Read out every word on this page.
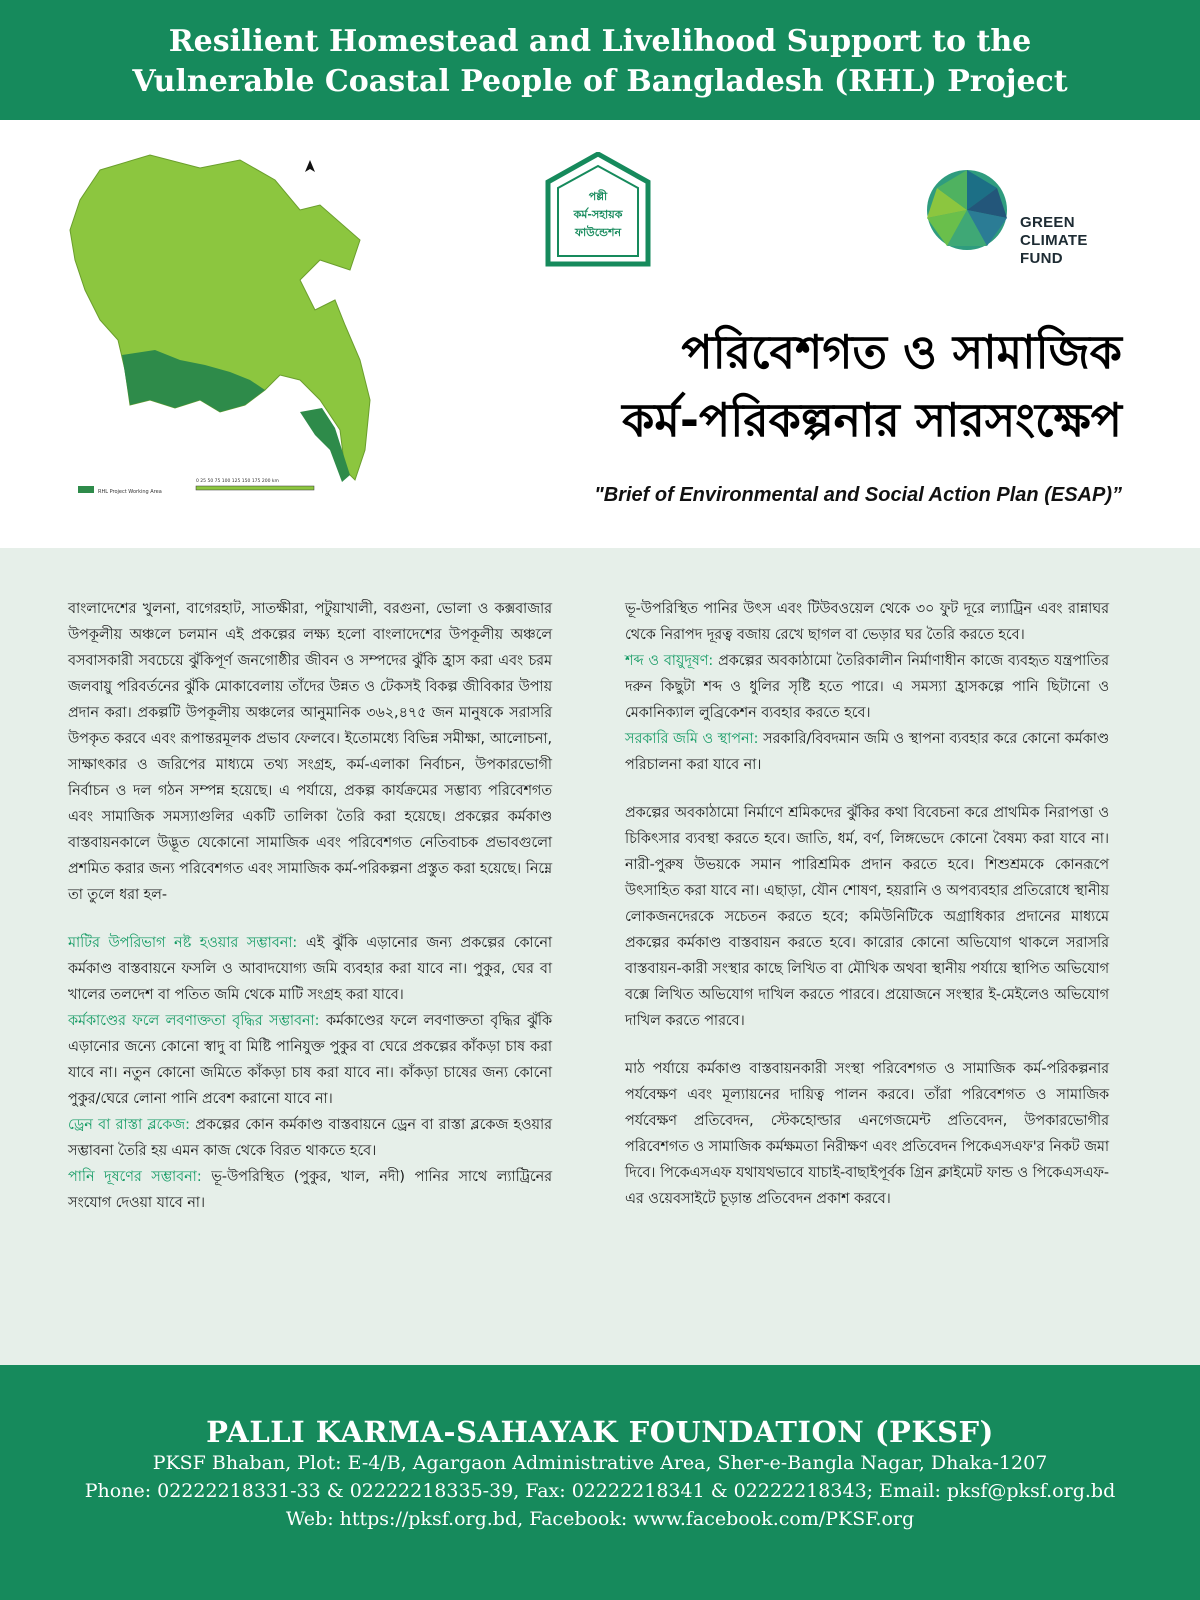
Resilient Homestead and Livelihood Support to the
Vulnerable Coastal People of Bangladesh (RHL) Project
RHL Project Working Area
0 25 50 75 100 125 150 175 200 km
পল্লী
কর্ম-সহায়ক
ফাউন্ডেশন
GREEN
CLIMATE
FUND
পরিবেশগত ও সামাজিক
কর্ম-পরিকল্পনার সারসংক্ষেপ
"Brief of Environmental and Social Action Plan (ESAP)”

বাংলাদেশের খুলনা, বাগেরহাট, সাতক্ষীরা, পটুয়াখালী, বরগুনা, ভোলা ও কক্সবাজার উপকূলীয় অঞ্চলে চলমান এই প্রকল্পের লক্ষ্য হলো বাংলাদেশের উপকূলীয় অঞ্চলে বসবাসকারী সবচেয়ে ঝুঁকিপূর্ণ জনগোষ্ঠীর জীবন ও সম্পদের ঝুঁকি হ্রাস করা এবং চরম জলবায়ু পরিবর্তনের ঝুঁকি মোকাবেলায় তাঁদের উন্নত ও টেকসই বিকল্প জীবিকার উপায় প্রদান করা। প্রকল্পটি উপকূলীয় অঞ্চলের আনুমানিক ৩৬২,৪৭৫ জন মানুষকে সরাসরি উপকৃত করবে এবং রূপান্তরমূলক প্রভাব ফেলবে। ইতোমধ্যে বিভিন্ন সমীক্ষা, আলোচনা, সাক্ষাৎকার ও জরিপের মাধ্যমে তথ্য সংগ্রহ, কর্ম-এলাকা নির্বাচন, উপকারভোগী নির্বাচন ও দল গঠন সম্পন্ন হয়েছে। এ পর্যায়ে, প্রকল্প কার্যক্রমের সম্ভাব্য পরিবেশগত এবং সামাজিক সমস্যাগুলির একটি তালিকা তৈরি করা হয়েছে। প্রকল্পের কর্মকাণ্ড বাস্তবায়নকালে উদ্ভূত যেকোনো সামাজিক এবং পরিবেশগত নেতিবাচক প্রভাবগুলো প্রশমিত করার জন্য পরিবেশগত এবং সামাজিক কর্ম-পরিকল্পনা প্রস্তুত করা হয়েছে। নিম্নে তা তুলে ধরা হল-

মাটির উপরিভাগ নষ্ট হওয়ার সম্ভাবনা: এই ঝুঁকি এড়ানোর জন্য প্রকল্পের কোনো কর্মকাণ্ড বাস্তবায়নে ফসলি ও আবাদযোগ্য জমি ব্যবহার করা যাবে না। পুকুর, ঘের বা খালের তলদেশ বা পতিত জমি থেকে মাটি সংগ্রহ করা যাবে।

কর্মকাণ্ডের ফলে লবণাক্ততা বৃদ্ধির সম্ভাবনা: কর্মকাণ্ডের ফলে লবণাক্ততা বৃদ্ধির ঝুঁকি এড়ানোর জন্যে কোনো স্বাদু বা মিষ্টি পানিযুক্ত পুকুর বা ঘেরে প্রকল্পের কাঁকড়া চাষ করা যাবে না। নতুন কোনো জমিতে কাঁকড়া চাষ করা যাবে না। কাঁকড়া চাষের জন্য কোনো পুকুর/ঘেরে লোনা পানি প্রবেশ করানো যাবে না।

ড্রেন বা রাস্তা ব্লকেজ: প্রকল্পের কোন কর্মকাণ্ড বাস্তবায়নে ড্রেন বা রাস্তা ব্লকেজ হওয়ার সম্ভাবনা তৈরি হয় এমন কাজ থেকে বিরত থাকতে হবে।

পানি দূষণের সম্ভাবনা: ভূ-উপরিস্থিত (পুকুর, খাল, নদী) পানির সাথে ল্যাট্রিনের সংযোগ দেওয়া যাবে না।

ভূ-উপরিস্থিত পানির উৎস এবং টিউবওয়েল থেকে ৩০ ফুট দূরে ল্যাট্রিন এবং রান্নাঘর থেকে নিরাপদ দূরত্ব বজায় রেখে ছাগল বা ভেড়ার ঘর তৈরি করতে হবে।

শব্দ ও বায়ুদূষণ: প্রকল্পের অবকাঠামো তৈরিকালীন নির্মাণাধীন কাজে ব্যবহৃত যন্ত্রপাতির দরুন কিছুটা শব্দ ও ধুলির সৃষ্টি হতে পারে। এ সমস্যা হ্রাসকল্পে পানি ছিটানো ও মেকানিক্যাল লুব্রিকেশন ব্যবহার করতে হবে।

সরকারি জমি ও স্থাপনা: সরকারি/বিবদমান জমি ও স্থাপনা ব্যবহার করে কোনো কর্মকাণ্ড পরিচালনা করা যাবে না।

প্রকল্পের অবকাঠামো নির্মাণে শ্রমিকদের ঝুঁকির কথা বিবেচনা করে প্রাথমিক নিরাপত্তা ও চিকিৎসার ব্যবস্থা করতে হবে। জাতি, ধর্ম, বর্ণ, লিঙ্গভেদে কোনো বৈষম্য করা যাবে না। নারী-পুরুষ উভয়কে সমান পারিশ্রমিক প্রদান করতে হবে। শিশুশ্রমকে কোনরূপে উৎসাহিত করা যাবে না। এছাড়া, যৌন শোষণ, হয়রানি ও অপব্যবহার প্রতিরোধে স্থানীয় লোকজনদেরকে সচেতন করতে হবে; কমিউনিটিকে অগ্রাধিকার প্রদানের মাধ্যমে প্রকল্পের কর্মকাণ্ড বাস্তবায়ন করতে হবে। কারোর কোনো অভিযোগ থাকলে সরাসরি বাস্তবায়ন-কারী সংস্থার কাছে লিখিত বা মৌখিক অথবা স্থানীয় পর্যায়ে স্থাপিত অভিযোগ বক্সে লিখিত অভিযোগ দাখিল করতে পারবে। প্রয়োজনে সংস্থার ই-মেইলেও অভিযোগ দাখিল করতে পারবে।

মাঠ পর্যায়ে কর্মকাণ্ড বাস্তবায়নকারী সংস্থা পরিবেশগত ও সামাজিক কর্ম-পরিকল্পনার পর্যবেক্ষণ এবং মূল্যায়নের দায়িত্ব পালন করবে। তাঁরা পরিবেশগত ও সামাজিক পর্যবেক্ষণ প্রতিবেদন, স্টেকহোল্ডার এনগেজমেন্ট প্রতিবেদন, উপকারভোগীর পরিবেশগত ও সামাজিক কর্মক্ষমতা নিরীক্ষণ এবং প্রতিবেদন পিকেএসএফ'র নিকট জমা দিবে। পিকেএসএফ যথাযথভাবে যাচাই-বাছাইপূর্বক গ্রিন ক্লাইমেট ফান্ড ও পিকেএসএফ-এর ওয়েবসাইটে চূড়ান্ত প্রতিবেদন প্রকাশ করবে।

PALLI KARMA-SAHAYAK FOUNDATION (PKSF)
PKSF Bhaban, Plot: E-4/B, Agargaon Administrative Area, Sher-e-Bangla Nagar, Dhaka-1207
Phone: 02222218331-33 & 02222218335-39, Fax: 02222218341 & 02222218343; Email: pksf@pksf.org.bd
Web: https://pksf.org.bd, Facebook: www.facebook.com/PKSF.org
